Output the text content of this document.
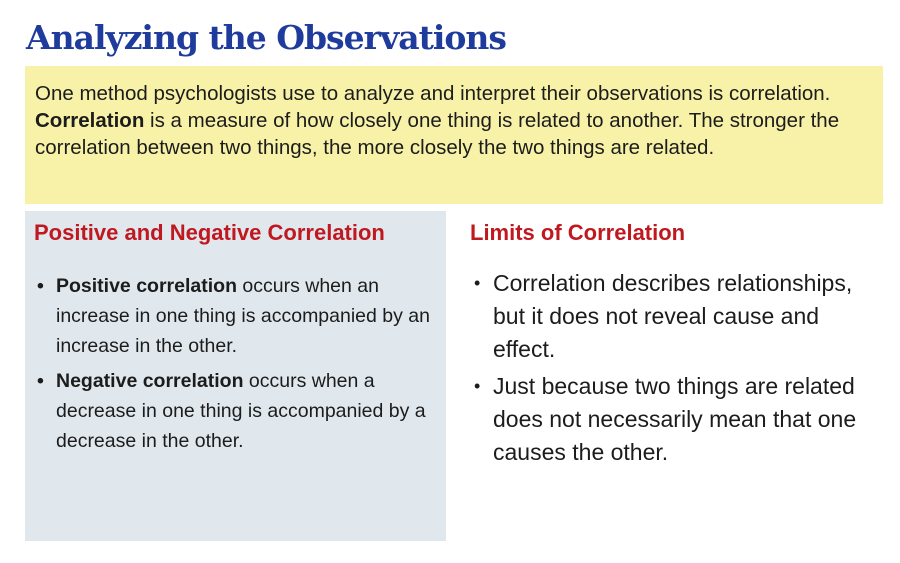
Analyzing the Observations
One method psychologists use to analyze and interpret their observations is correlation. Correlation is a measure of how closely one thing is related to another. The stronger the correlation between two things, the more closely the two things are related.
Positive and Negative Correlation
• Positive correlation occurs when an increase in one thing is accompanied by an increase in the other.
• Negative correlation occurs when a decrease in one thing is accompanied by a decrease in the other.
Limits of Correlation
• Correlation describes relationships, but it does not reveal cause and effect.
• Just because two things are related does not necessarily mean that one causes the other.
